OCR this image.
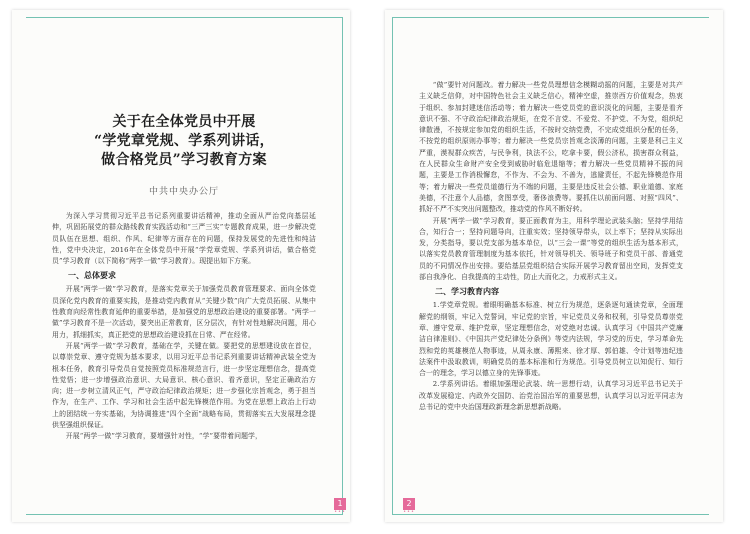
关于在全体党员中开展
“学党章党规、学系列讲话，
做合格党员”学习教育方案
中共中央办公厅

为深入学习贯彻习近平总书记系列重要讲话精神，推动全面从严治党向基层延伸，巩固拓展党的群众路线教育实践活动和“三严三实”专题教育成果，进一步解决党员队伍在思想、组织、作风、纪律等方面存在的问题，保持发展党的先进性和纯洁性，党中央决定，2016年在全体党员中开展“学党章党规、学系列讲话，做合格党员”学习教育（以下简称“两学一做”学习教育）。现提出如下方案。

一、总体要求

开展“两学一做”学习教育，是落实党章关于加强党员教育管理要求、面向全体党员深化党内教育的重要实践，是推动党内教育从“关键少数”向广大党员拓展、从集中性教育向经常性教育延伸的重要举措，是加强党的思想政治建设的重要部署。“两学一做”学习教育不是一次活动，要突出正常教育，区分层次，有针对性地解决问题，用心用力，抓细抓实，真正把党的思想政治建设抓在日常、严在经常。

开展“两学一做”学习教育，基础在学，关键在做。要把党的思想建设放在首位，以尊崇党章、遵守党规为基本要求，以用习近平总书记系列重要讲话精神武装全党为根本任务，教育引导党员自觉按照党员标准规范言行，进一步坚定理想信念，提高党性觉悟；进一步增强政治意识、大局意识、核心意识、看齐意识，坚定正确政治方向；进一步树立清风正气，严守政治纪律政治规矩；进一步强化宗旨观念，勇于担当作为，在生产、工作、学习和社会生活中起先锋模范作用。为党在思想上政治上行动上的团结统一夯实基础，为协调推进“四个全面”战略布局，贯彻落实五大发展理念提供坚强组织保证。

开展“两学一做”学习教育，要增强针对性，“学”要带着问题学，

1
•••

“做”要针对问题改。着力解决一些党员理想信念模糊动摇的问题，主要是对共产主义缺乏信仰，对中国特色社会主义缺乏信心，精神空虚，推崇西方价值观念，热衷于组织、参加封建迷信活动等；着力解决一些党员党的意识淡化的问题，主要是看齐意识不强、不守政治纪律政治规矩，在党不言党、不爱党、不护党、不为党，组织纪律散漫，不按规定参加党的组织生活，不按时交纳党费，不完成党组织分配的任务，不按党的组织原则办事等；着力解决一些党员宗旨观念淡薄的问题，主要是利己主义严重，漠视群众疾苦，与民争利，执法不公，吃拿卡要，假公济私，损害群众利益，在人民群众生命财产安全受到威胁时临危退缩等；着力解决一些党员精神不振的问题，主要是工作消极懈怠，不作为、不会为、不善为，逃避责任，不起先锋模范作用等；着力解决一些党员道德行为不端的问题，主要是违反社会公德、职业道德、家庭美德，不注意个人品德，贪图享受，奢侈浪费等。要抓住以前面问题、对照“四风”、抓好不严不实突出问题整改，推动党的作风不断好转。

开展“两学一做”学习教育，要正面教育为主，用科学理论武装头脑；坚持学用结合，知行合一；坚持问题导向，注重实效；坚持领导带头，以上率下；坚持从实际出发，分类指导，要以党支部为基本单位，以“三会一课”等党的组织生活为基本形式，以落实党员教育管理制度为基本依托，针对领导机关、领导班子和党员干部、普通党员的不同情况作出安排。要给基层党组织结合实际开展学习教育留出空间，发挥党支部自我净化、自我提高的主动性，防止大而化之，力戒形式主义。

二、学习教育内容

1.学党章党规。着眼明确基本标准、树立行为规范，逐条逐句通读党章，全面理解党的纲领，牢记入党誓词，牢记党的宗旨，牢记党员义务和权利，引导党员尊崇党章、遵守党章、维护党章，坚定理想信念，对党绝对忠诚。认真学习《中国共产党廉洁自律准则》、《中国共产党纪律处分条例》等党内法规，学习党的历史，学习革命先烈和党的英雄模范人物事迹，从周永康、薄熙来、徐才厚、郭伯雄、令计划等违纪违法案件中汲取教训，明确党员的基本标准和行为规范。引导党员树立以知促行、知行合一的理念，学习以德立身的先锋事迹。

2.学系列讲话。着眼加强理论武装、统一思想行动，认真学习习近平总书记关于改革发展稳定、内政外交国防、治党治国治军的重要思想，认真学习以习近平同志为总书记的党中央治国理政新理念新思想新战略。

2
•••
